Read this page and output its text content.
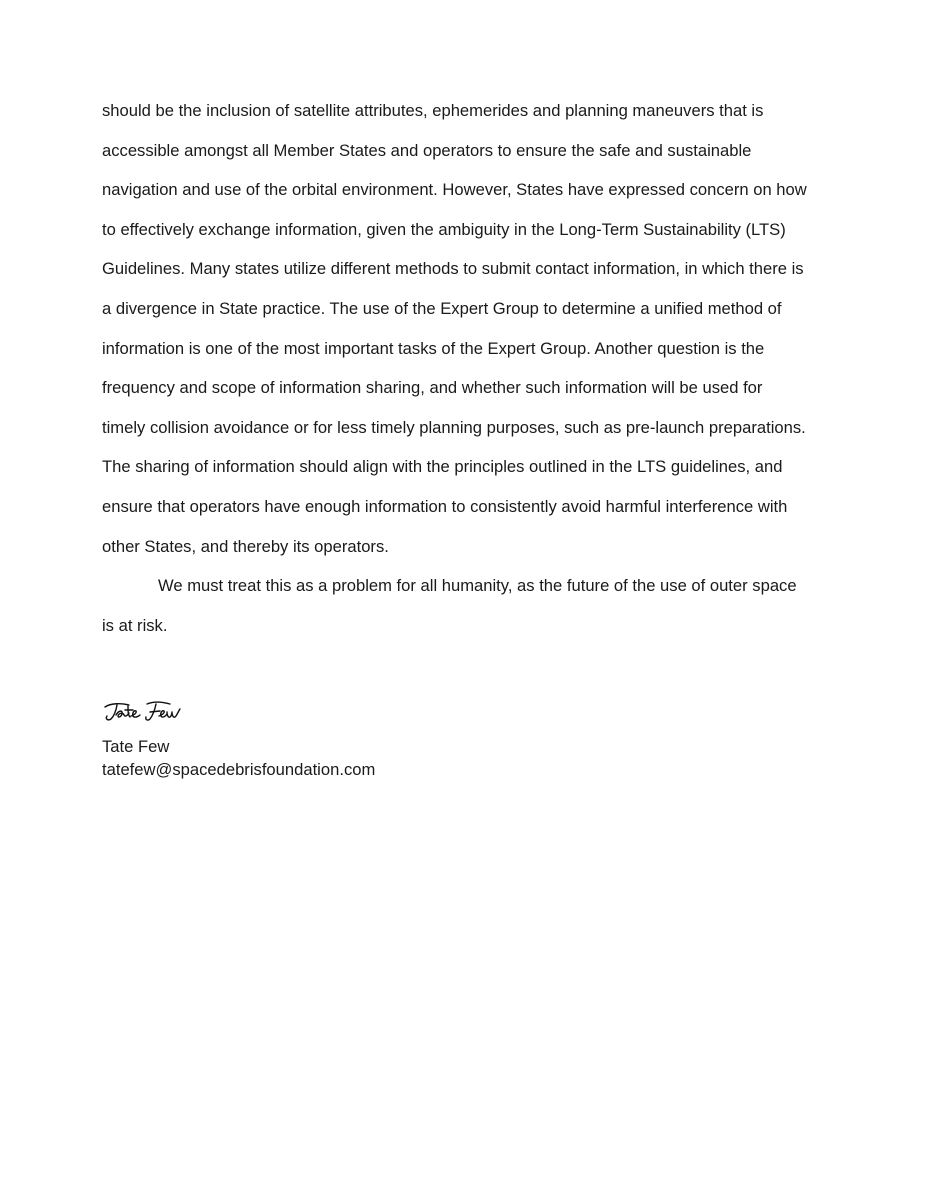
should be the inclusion of satellite attributes, ephemerides and planning maneuvers that is
accessible amongst all Member States and operators to ensure the safe and sustainable
navigation and use of the orbital environment. However, States have expressed concern on how
to effectively exchange information, given the ambiguity in the Long-Term Sustainability (LTS)
Guidelines. Many states utilize different methods to submit contact information, in which there is
a divergence in State practice. The use of the Expert Group to determine a unified method of
information is one of the most important tasks of the Expert Group. Another question is the
frequency and scope of information sharing, and whether such information will be used for
timely collision avoidance or for less timely planning purposes, such as pre-launch preparations.
The sharing of information should align with the principles outlined in the LTS guidelines, and
ensure that operators have enough information to consistently avoid harmful interference with
other States, and thereby its operators.
We must treat this as a problem for all humanity, as the future of the use of outer space
is at risk.
Tate Few
tatefew@spacedebrisfoundation.com
